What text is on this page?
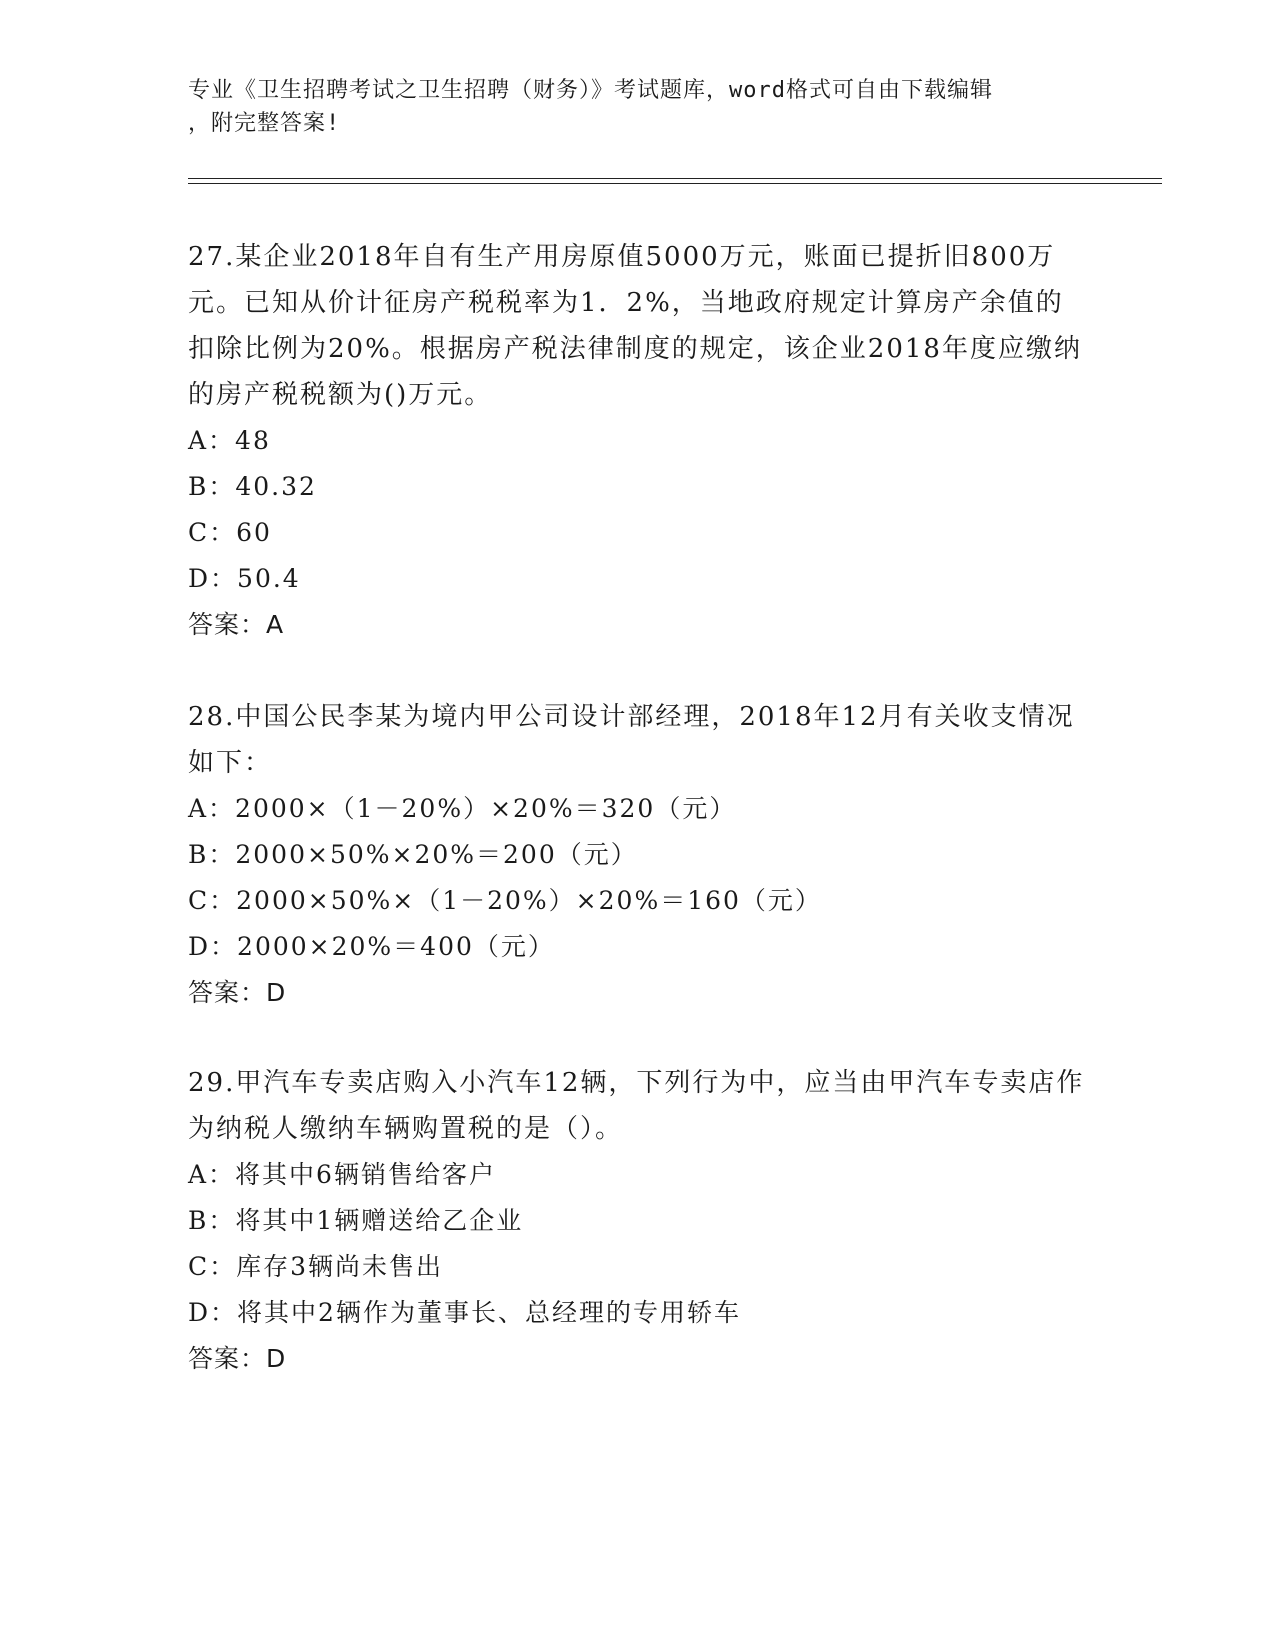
专业《卫生招聘考试之卫生招聘（财务）》考试题库，word格式可自由下载编辑
，附完整答案!

27.某企业2018年自有生产用房原值5000万元，账面已提折旧800万元。已知从价计征房产税税率为1．2%，当地政府规定计算房产余值的扣除比例为20%。根据房产税法律制度的规定，该企业2018年度应缴纳的房产税税额为()万元。

A：48

B：40.32

C：60

D：50.4

答案：A

28.中国公民李某为境内甲公司设计部经理，2018年12月有关收支情况如下：

A：2000×（1－20%）×20%＝320（元）

B：2000×50%×20%＝200（元）

C：2000×50%×（1－20%）×20%＝160（元）

D：2000×20%＝400（元）

答案：D

29.甲汽车专卖店购入小汽车12辆，下列行为中，应当由甲汽车专卖店作为纳税人缴纳车辆购置税的是（）。

A：将其中6辆销售给客户

B：将其中1辆赠送给乙企业

C：库存3辆尚未售出

D：将其中2辆作为董事长、总经理的专用轿车

答案：D
